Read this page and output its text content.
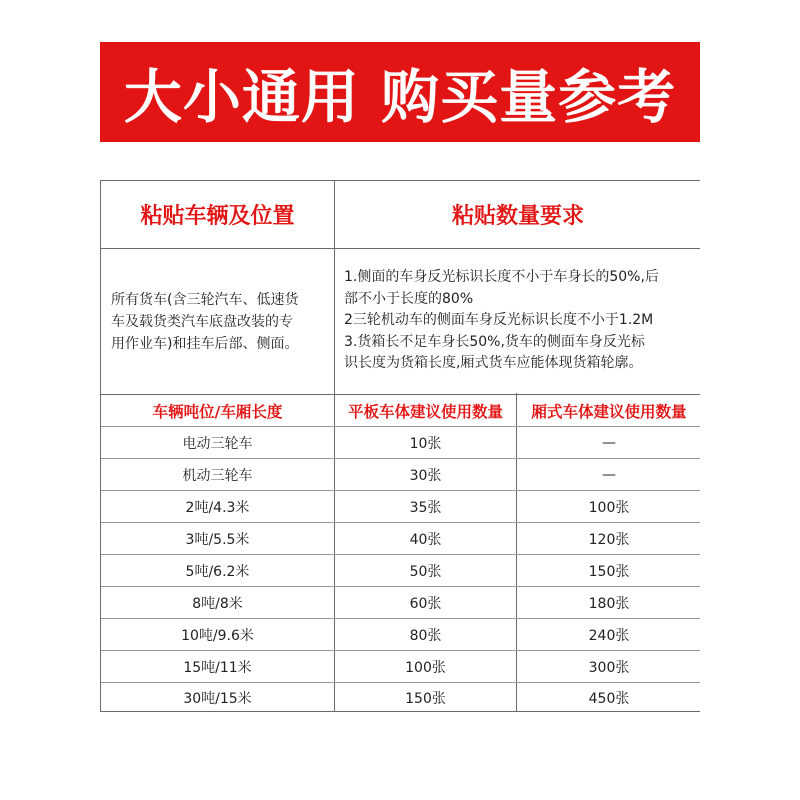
大小通用 购买量参考
粘贴车辆及位置	粘贴数量要求
所有货车(含三轮汽车、低速货
车及载货类汽车底盘改装的专
用作业车)和挂车后部、侧面。
1.侧面的车身反光标识长度不小于车身长的50%,后
部不小于长度的80%
2三轮机动车的侧面车身反光标识长度不小于1.2M
3.货箱长不足车身长50%,货车的侧面车身反光标
识长度为货箱长度,厢式货车应能体现货箱轮廓。
车辆吨位/车厢长度	平板车体建议使用数量	厢式车体建议使用数量
电动三轮车	10张	—
机动三轮车	30张	—
2吨/4.3米	35张	100张
3吨/5.5米	40张	120张
5吨/6.2米	50张	150张
8吨/8米	60张	180张
10吨/9.6米	80张	240张
15吨/11米	100张	300张
30吨/15米	150张	450张
